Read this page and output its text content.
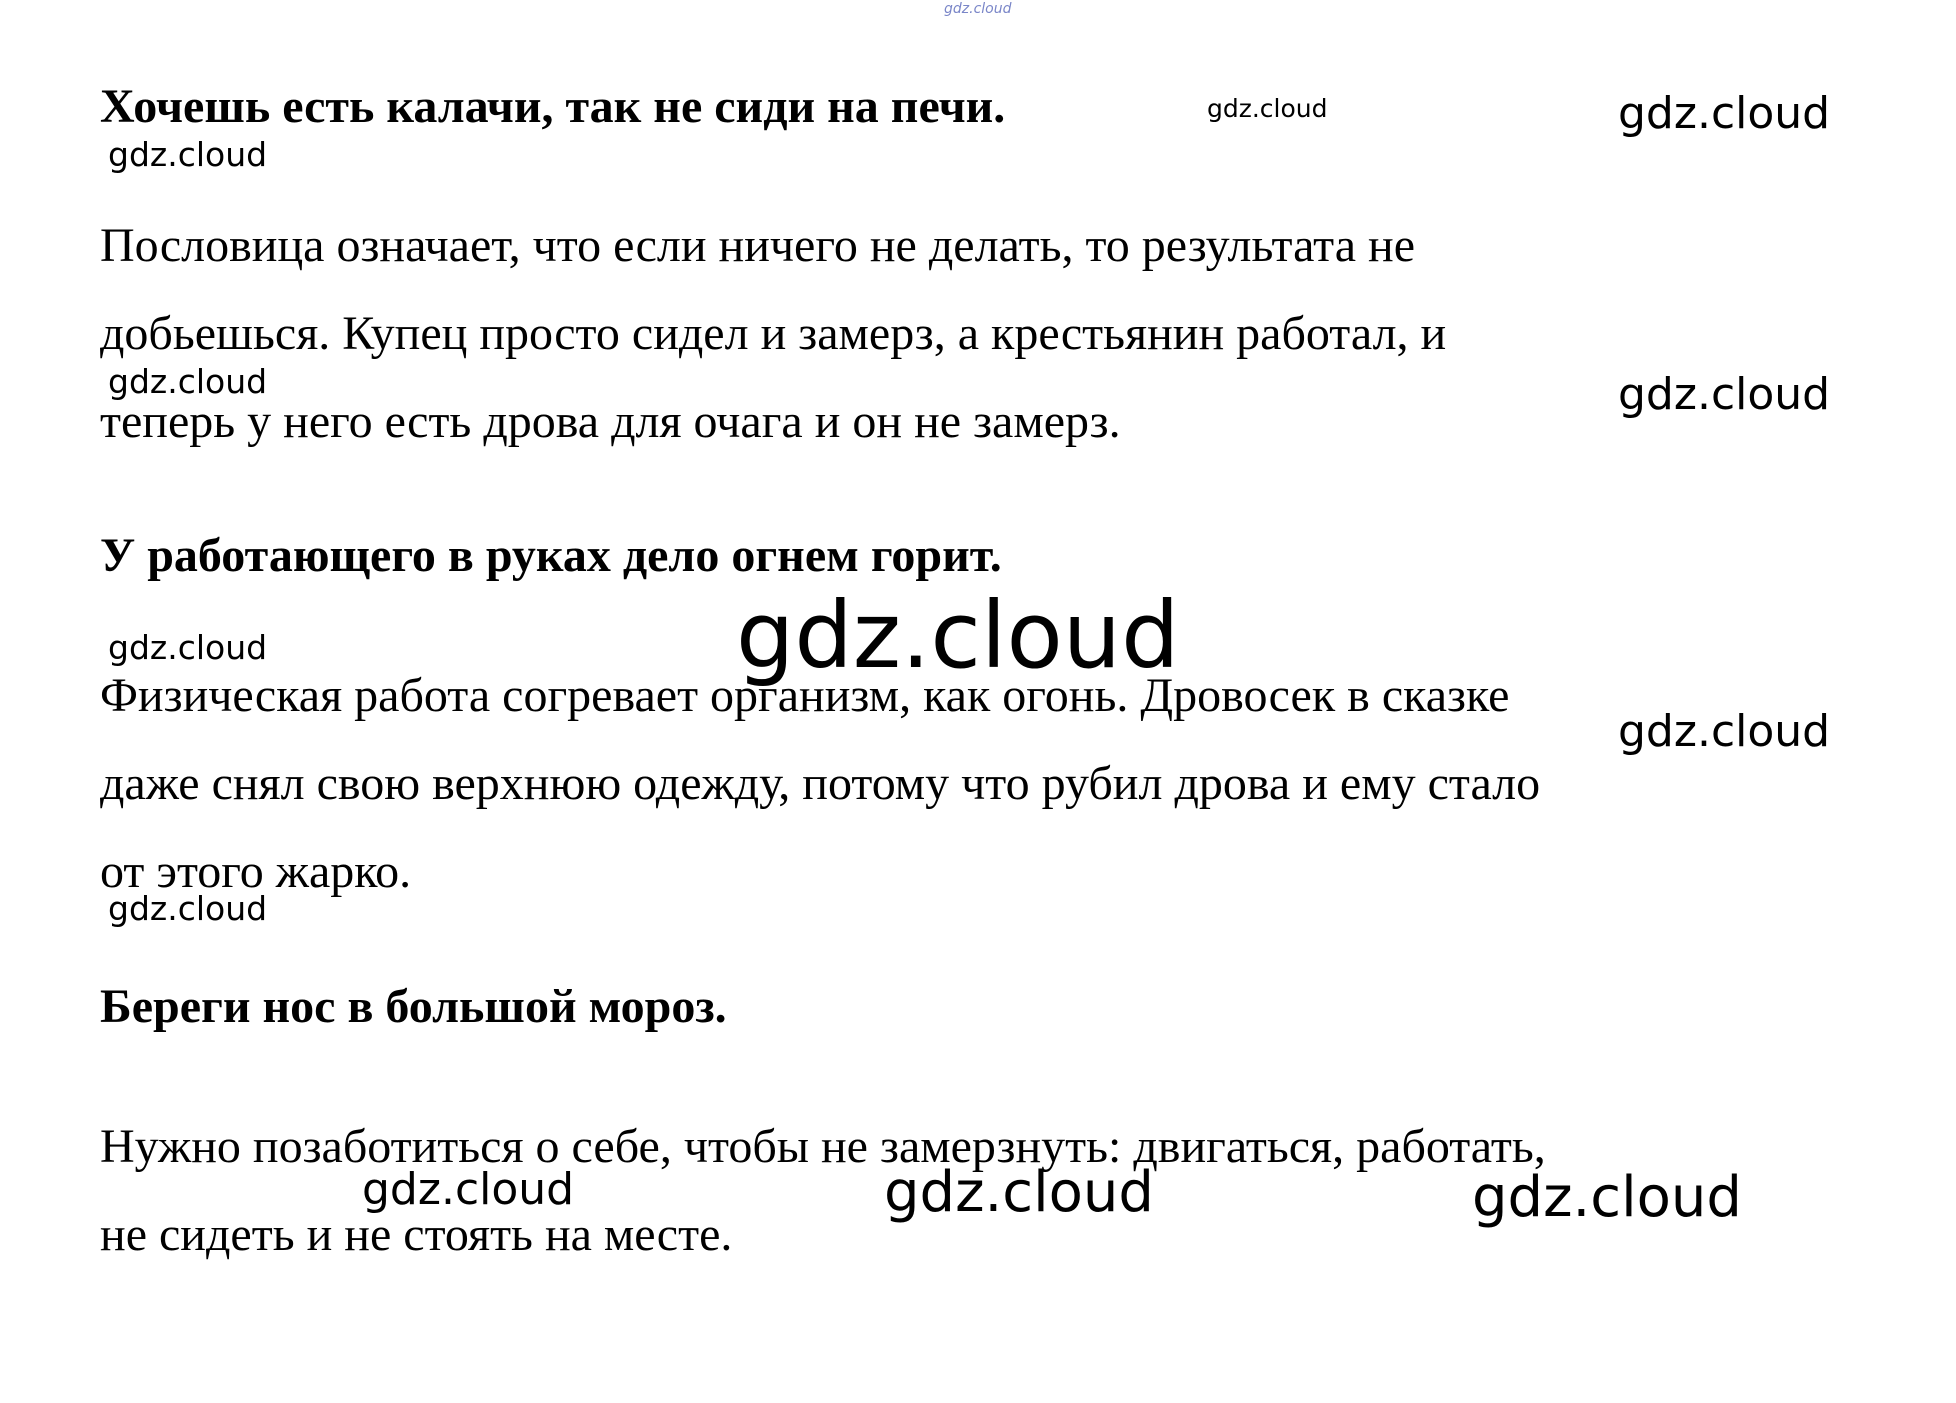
Хочешь есть калачи, так не сиди на печи.
Пословица означает, что если ничего не делать, то результата не
добьешься. Купец просто сидел и замерз, а крестьянин работал, и
теперь у него есть дрова для очага и он не замерз.
У работающего в руках дело огнем горит.
Физическая работа согревает организм, как огонь. Дровосек в сказке
даже снял свою верхнюю одежду, потому что рубил дрова и ему стало
от этого жарко.
Береги нос в большой мороз.
Нужно позаботиться о себе, чтобы не замерзнуть: двигаться, работать,
не сидеть и не стоять на месте.
gdz.cloud
gdz.cloud	gdz.cloud
gdz.cloud
gdz.cloud	gdz.cloud
gdz.cloud
gdz.cloud
gdz.cloud
gdz.cloud
gdz.cloud	gdz.cloud	gdz.cloud
